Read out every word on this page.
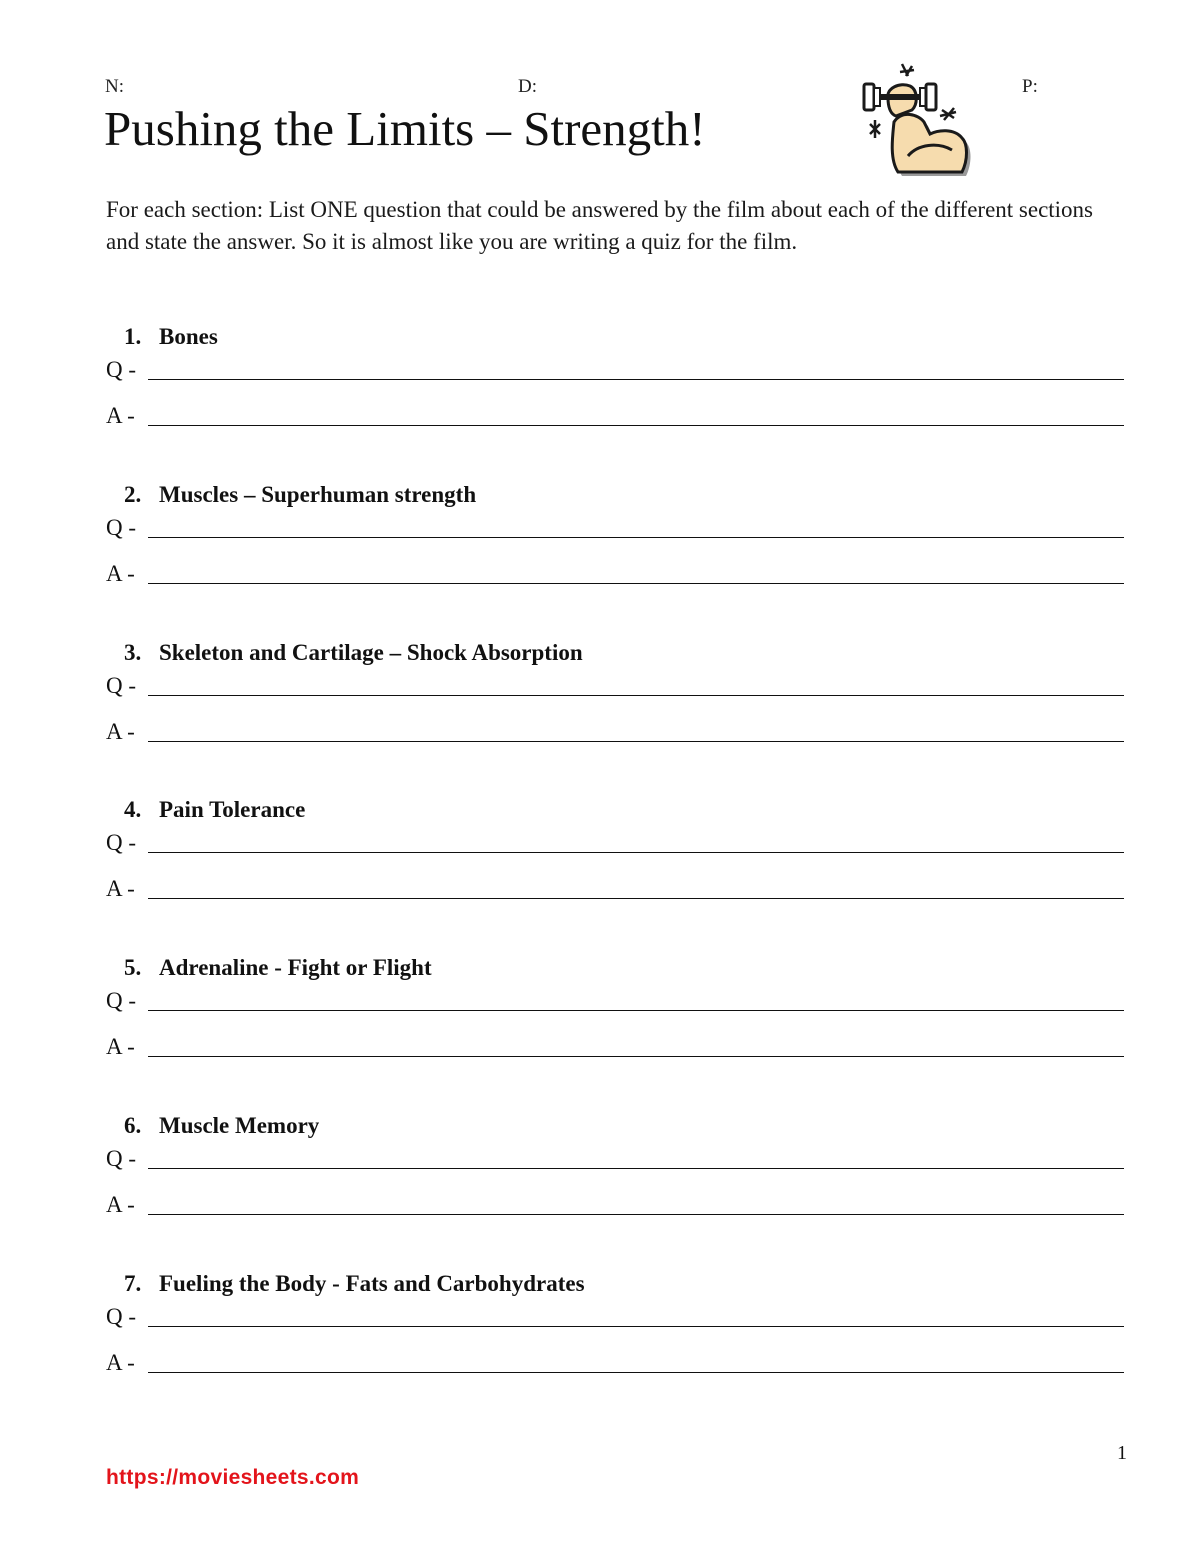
N:	D:	P:
Pushing the Limits – Strength!

For each section: List ONE question that could be answered by the film about each of the different sections and state the answer. So it is almost like you are writing a quiz for the film.

1. Bones
Q -
A -
2. Muscles – Superhuman strength
Q -
A -
3. Skeleton and Cartilage – Shock Absorption
Q -
A -
4. Pain Tolerance
Q -
A -
5. Adrenaline - Fight or Flight
Q -
A -
6. Muscle Memory
Q -
A -
7. Fueling the Body - Fats and Carbohydrates
Q -
A -
1
https://moviesheets.com
